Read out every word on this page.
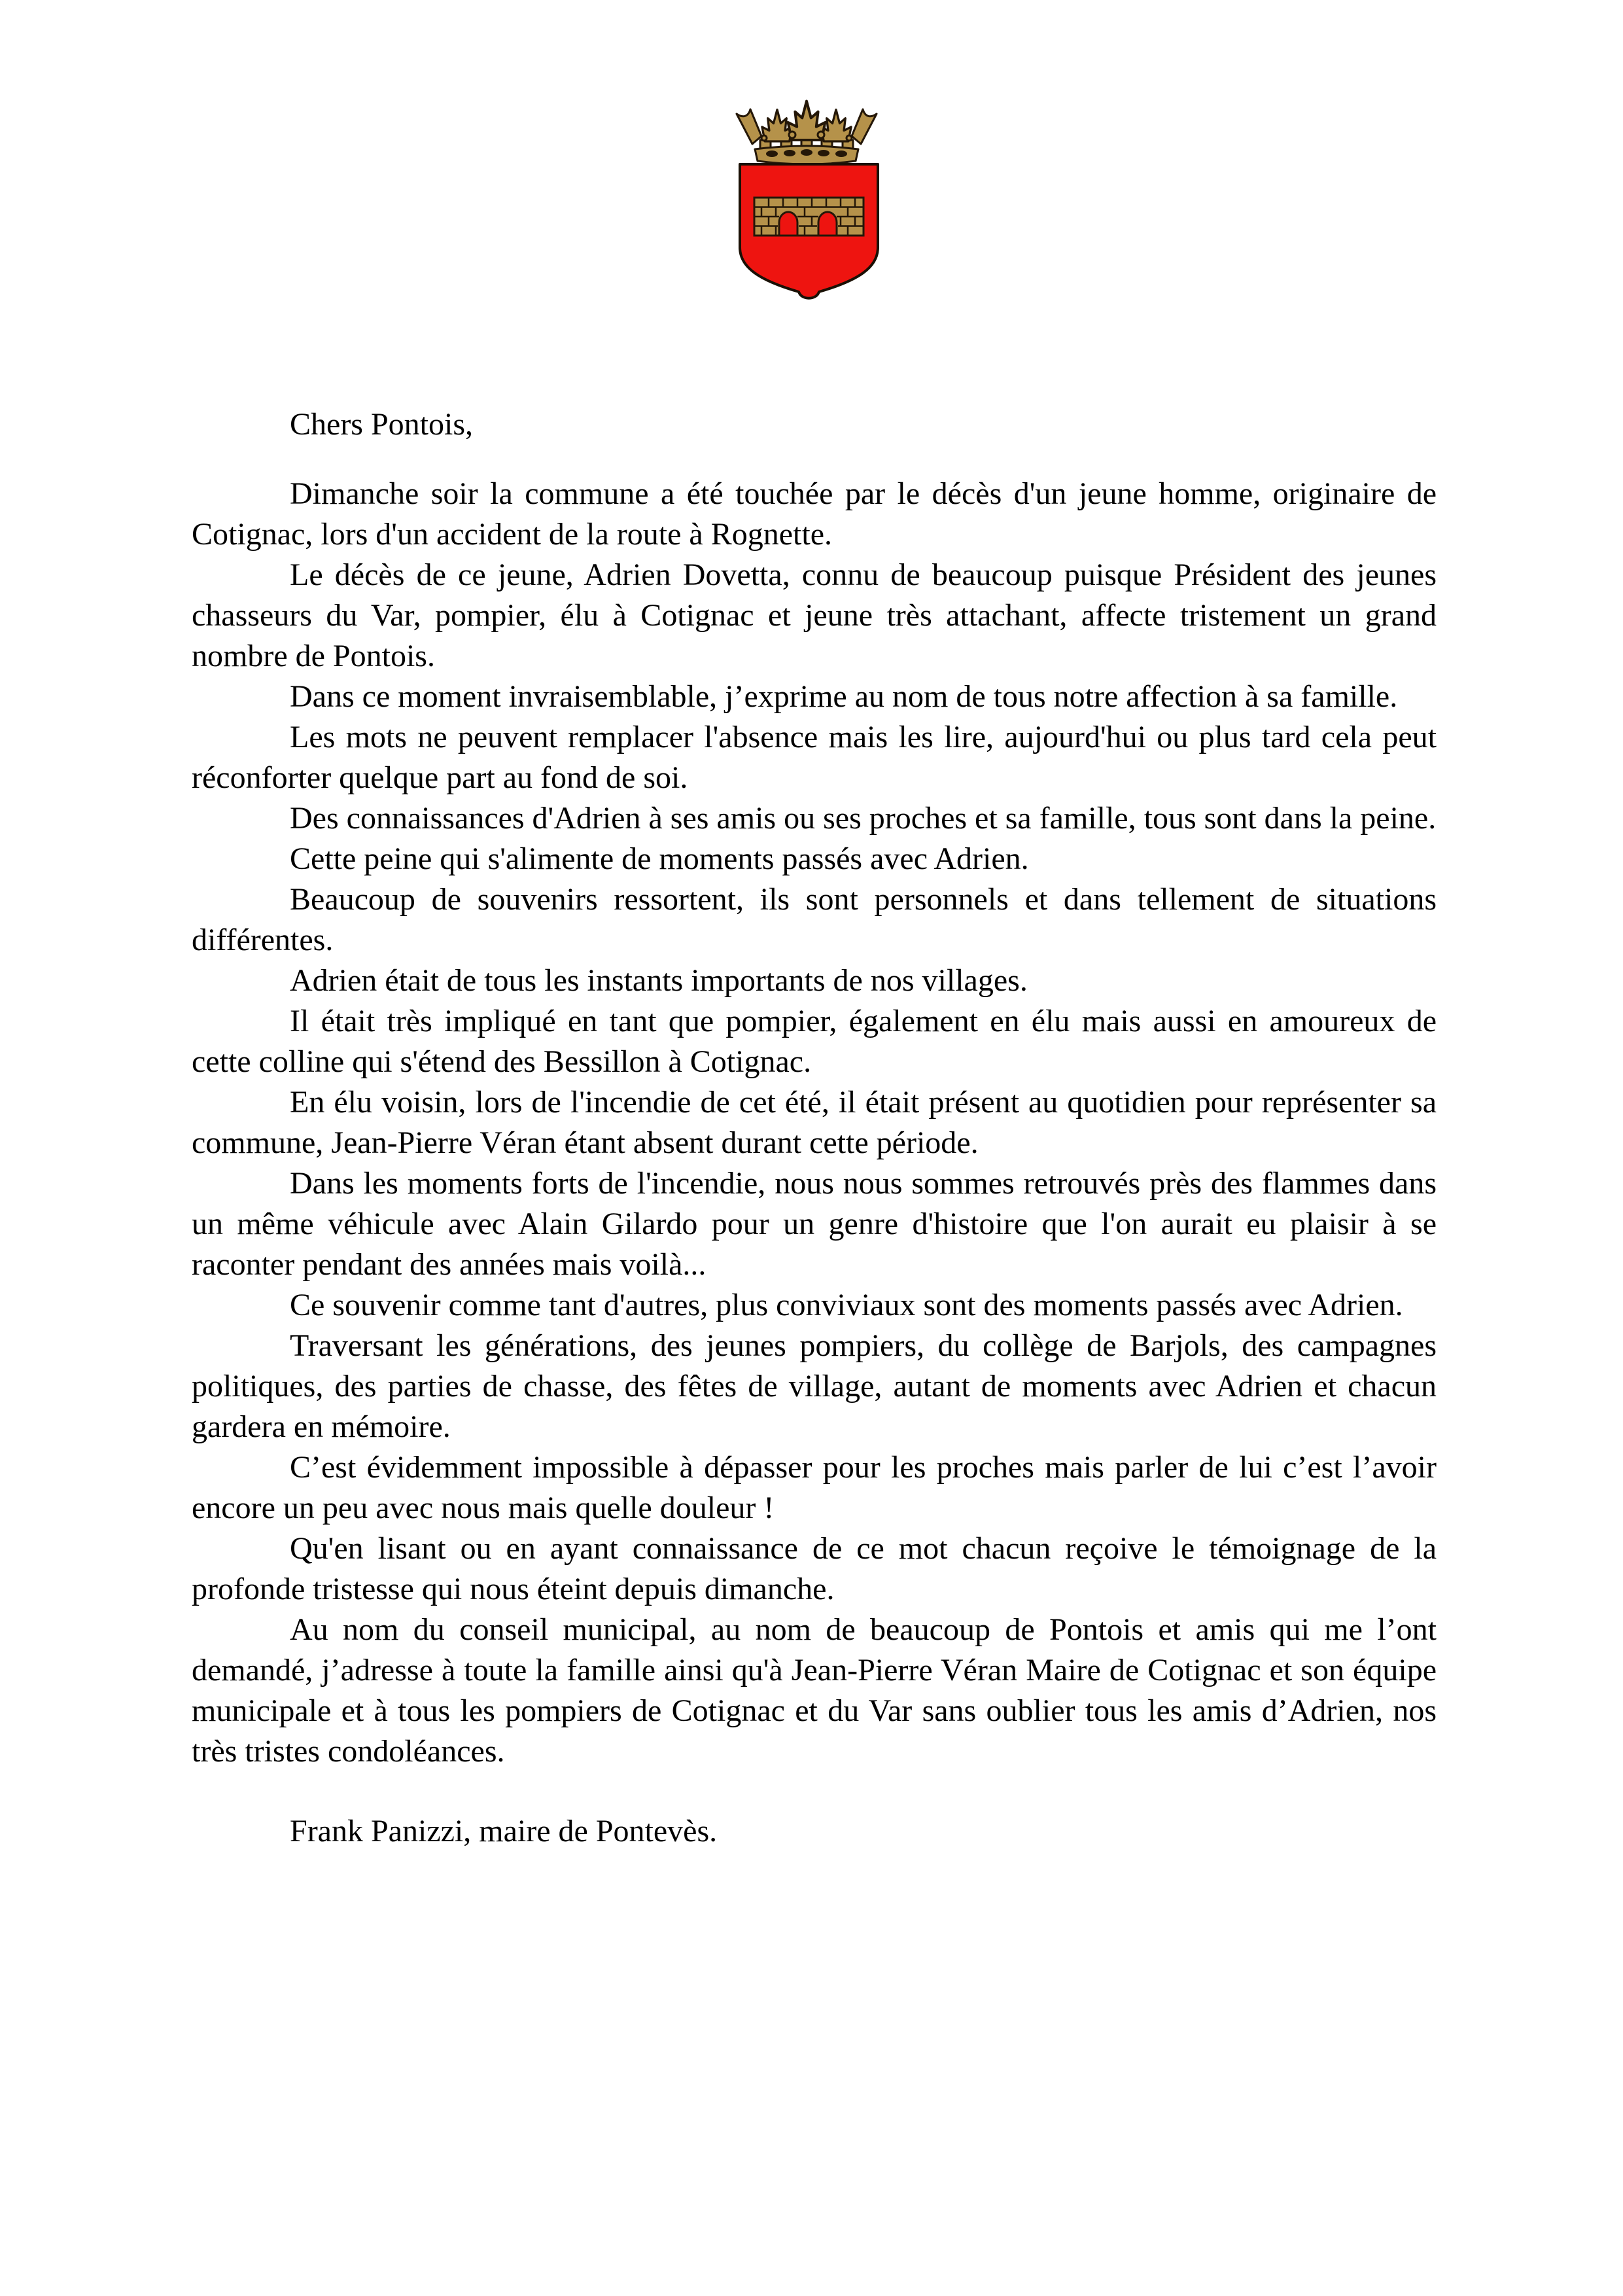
Chers Pontois,

Dimanche soir la commune a été touchée par le décès d'un jeune homme, originaire de Cotignac, lors d'un accident de la route à Rognette.

Le décès de ce jeune, Adrien Dovetta, connu de beaucoup puisque Président des jeunes chasseurs du Var, pompier, élu à Cotignac et jeune très attachant, affecte tristement un grand nombre de Pontois.

Dans ce moment invraisemblable, j’exprime au nom de tous notre affection à sa famille.

Les mots ne peuvent remplacer l'absence mais les lire, aujourd'hui ou plus tard cela peut réconforter quelque part au fond de soi.

Des connaissances d'Adrien à ses amis ou ses proches et sa famille, tous sont dans la peine.

Cette peine qui s'alimente de moments passés avec Adrien.

Beaucoup de souvenirs ressortent, ils sont personnels et dans tellement de situations différentes.

Adrien était de tous les instants importants de nos villages.

Il était très impliqué en tant que pompier, également en élu mais aussi en amoureux de cette colline qui s'étend des Bessillon à Cotignac.

En élu voisin, lors de l'incendie de cet été, il était présent au quotidien pour représenter sa commune, Jean-Pierre Véran étant absent durant cette période.

Dans les moments forts de l'incendie, nous nous sommes retrouvés près des flammes dans un même véhicule avec Alain Gilardo pour un genre d'histoire que l'on aurait eu plaisir à se raconter pendant des années mais voilà...

Ce souvenir comme tant d'autres, plus conviviaux sont des moments passés avec Adrien.

Traversant les générations, des jeunes pompiers, du collège de Barjols, des campagnes politiques, des parties de chasse, des fêtes de village, autant de moments avec Adrien et chacun gardera en mémoire.

C’est évidemment impossible à dépasser pour les proches mais parler de lui c’est l’avoir encore un peu avec nous mais quelle douleur !

Qu'en lisant ou en ayant connaissance de ce mot chacun reçoive le témoignage de la profonde tristesse qui nous éteint depuis dimanche.

Au nom du conseil municipal, au nom de beaucoup de Pontois et amis qui me l’ont demandé, j’adresse à toute la famille ainsi qu'à Jean-Pierre Véran Maire de Cotignac et son équipe municipale et à tous les pompiers de Cotignac et du Var sans oublier tous les amis d’Adrien, nos très tristes condoléances.

Frank Panizzi, maire de Pontevès.
